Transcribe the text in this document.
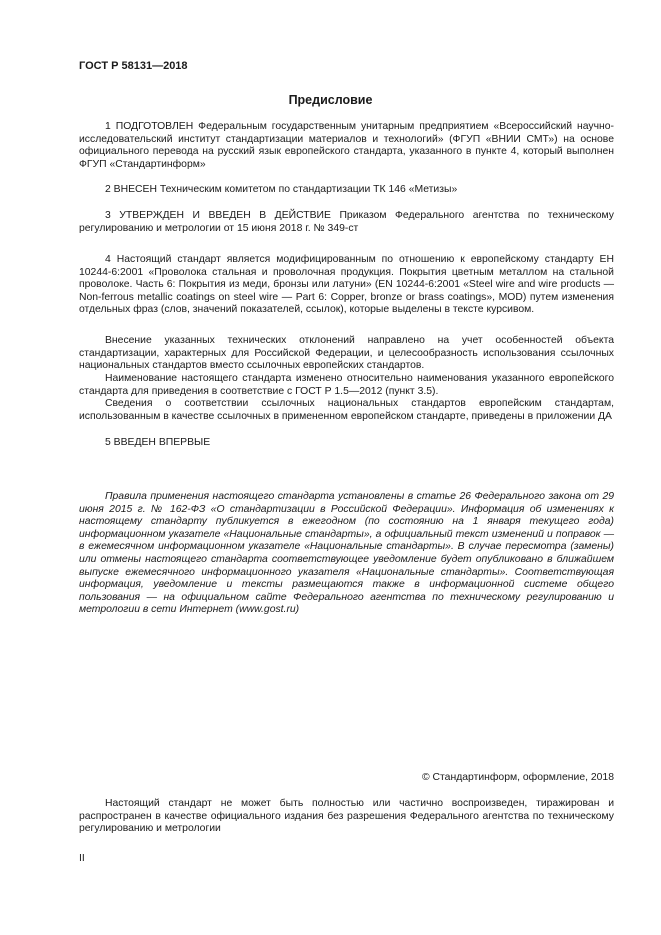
ГОСТ Р 58131—2018
Предисловие

1 ПОДГОТОВЛЕН Федеральным государственным унитарным предприятием «Всероссийский научно-исследовательский институт стандартизации материалов и технологий» (ФГУП «ВНИИ СМТ») на основе официального перевода на русский язык европейского стандарта, указанного в пункте 4, который выполнен ФГУП «Стандартинформ»

2 ВНЕСЕН Техническим комитетом по стандартизации ТК 146 «Метизы»

3 УТВЕРЖДЕН И ВВЕДЕН В ДЕЙСТВИЕ Приказом Федерального агентства по техническому регулированию и метрологии от 15 июня 2018 г. № 349-ст

4 Настоящий стандарт является модифицированным по отношению к европейскому стандарту ЕН 10244-6:2001 «Проволока стальная и проволочная продукция. Покрытия цветным металлом на стальной проволоке. Часть 6: Покрытия из меди, бронзы или латуни» (EN 10244-6:2001 «Steel wire and wire products — Non-ferrous metallic coatings on steel wire — Part 6: Copper, bronze or brass coatings», MOD) путем изменения отдельных фраз (слов, значений показателей, ссылок), которые выделены в тексте курсивом.

Внесение указанных технических отклонений направлено на учет особенностей объекта стандартизации, характерных для Российской Федерации, и целесообразность использования ссылочных национальных стандартов вместо ссылочных европейских стандартов.

Наименование настоящего стандарта изменено относительно наименования указанного европейского стандарта для приведения в соответствие с ГОСТ Р 1.5—2012 (пункт 3.5).

Сведения о соответствии ссылочных национальных стандартов европейским стандартам, использованным в качестве ссылочных в примененном европейском стандарте, приведены в приложении ДА

5 ВВЕДЕН ВПЕРВЫЕ

Правила применения настоящего стандарта установлены в статье 26 Федерального закона от 29 июня 2015 г. № 162-ФЗ «О стандартизации в Российской Федерации». Информация об изменениях к настоящему стандарту публикуется в ежегодном (по состоянию на 1 января текущего года) информационном указателе «Национальные стандарты», а официальный текст изменений и поправок — в ежемесячном информационном указателе «Национальные стандарты». В случае пересмотра (замены) или отмены настоящего стандарта соответствующее уведомление будет опубликовано в ближайшем выпуске ежемесячного информационного указателя «Национальные стандарты». Соответствующая информация, уведомление и тексты размещаются также в информационной системе общего пользования — на официальном сайте Федерального агентства по техническому регулированию и метрологии в сети Интернет (www.gost.ru)

© Стандартинформ, оформление, 2018

Настоящий стандарт не может быть полностью или частично воспроизведен, тиражирован и распространен в качестве официального издания без разрешения Федерального агентства по техническому регулированию и метрологии

II
